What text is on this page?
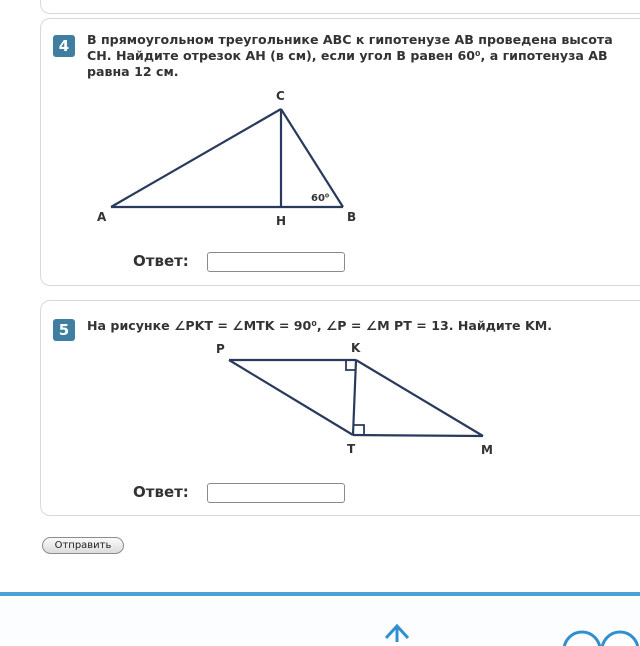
4	В прямоугольном треугольнике ABC к гипотенузе AB проведена высота CH. Найдите отрезок AH (в см), если угол B равен 60⁰, а гипотенуза AB равна 12 см.
C
A	H	B
60⁰
Ответ:
5	На рисунке ∠PKT = ∠MTK = 90⁰, ∠P = ∠M PT = 13. Найдите KM.
P	K
T	M
Ответ:
Отправить
